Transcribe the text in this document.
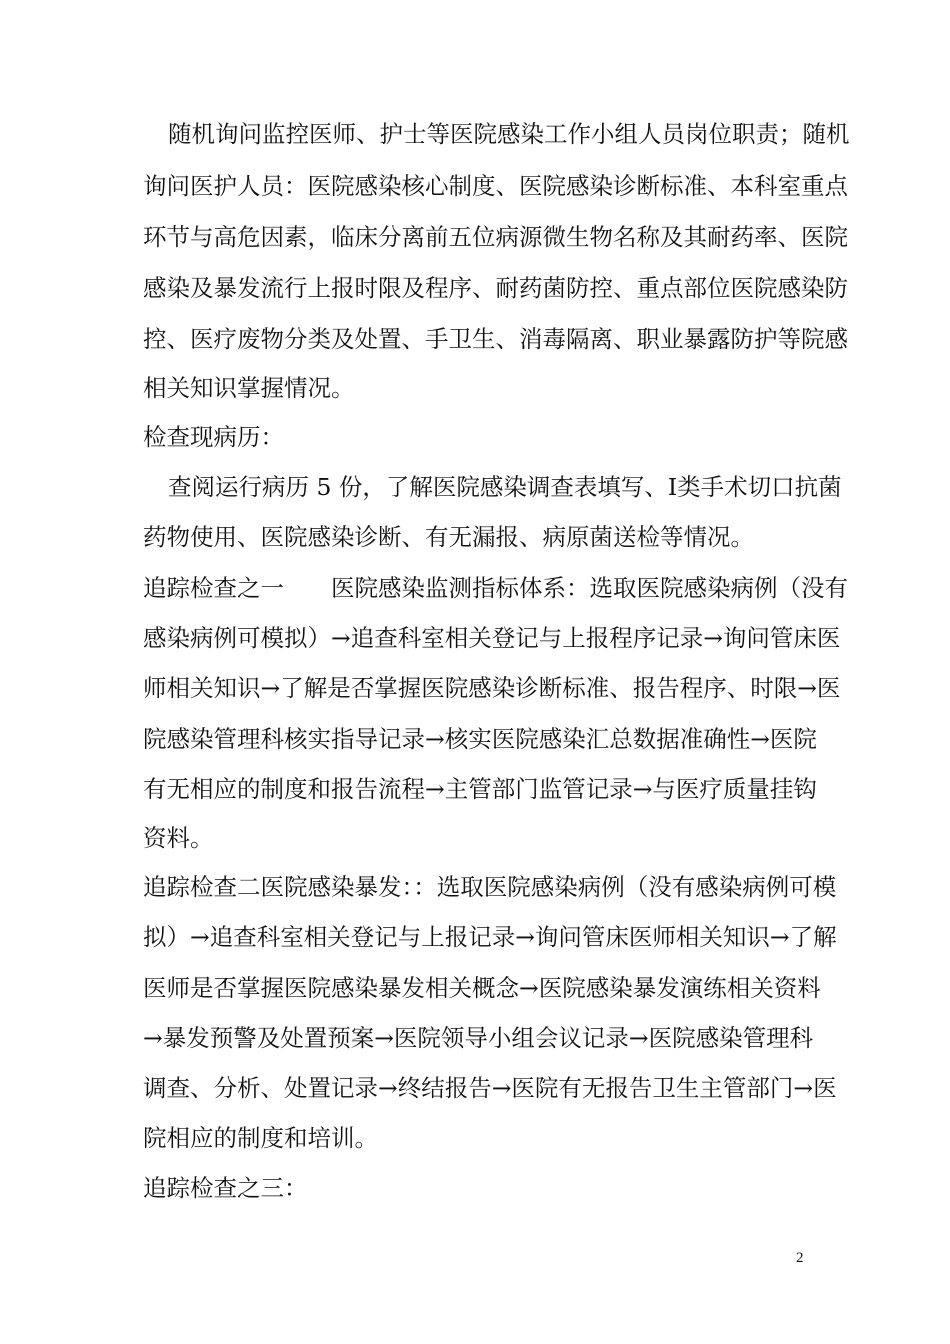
随机询问监控医师、护士等医院感染工作小组人员岗位职责；随机
询问医护人员：医院感染核心制度、医院感染诊断标准、本科室重点
环节与高危因素，临床分离前五位病源微生物名称及其耐药率、医院
感染及暴发流行上报时限及程序、耐药菌防控、重点部位医院感染防
控、医疗废物分类及处置、手卫生、消毒隔离、职业暴露防护等院感
相关知识掌握情况。
检查现病历：
查阅运行病历 5 份，了解医院感染调查表填写、Ⅰ类手术切口抗菌
药物使用、医院感染诊断、有无漏报、病原菌送检等情况。
追踪检查之一　　医院感染监测指标体系：选取医院感染病例（没有
感染病例可模拟）→追查科室相关登记与上报程序记录→询问管床医
师相关知识→了解是否掌握医院感染诊断标准、报告程序、时限→医
院感染管理科核实指导记录→核实医院感染汇总数据准确性→医院
有无相应的制度和报告流程→主管部门监管记录→与医疗质量挂钩
资料。
追踪检查二医院感染暴发：：选取医院感染病例（没有感染病例可模
拟）→追查科室相关登记与上报记录→询问管床医师相关知识→了解
医师是否掌握医院感染暴发相关概念→医院感染暴发演练相关资料
→暴发预警及处置预案→医院领导小组会议记录→医院感染管理科
调查、分析、处置记录→终结报告→医院有无报告卫生主管部门→医
院相应的制度和培训。
追踪检查之三：
2
